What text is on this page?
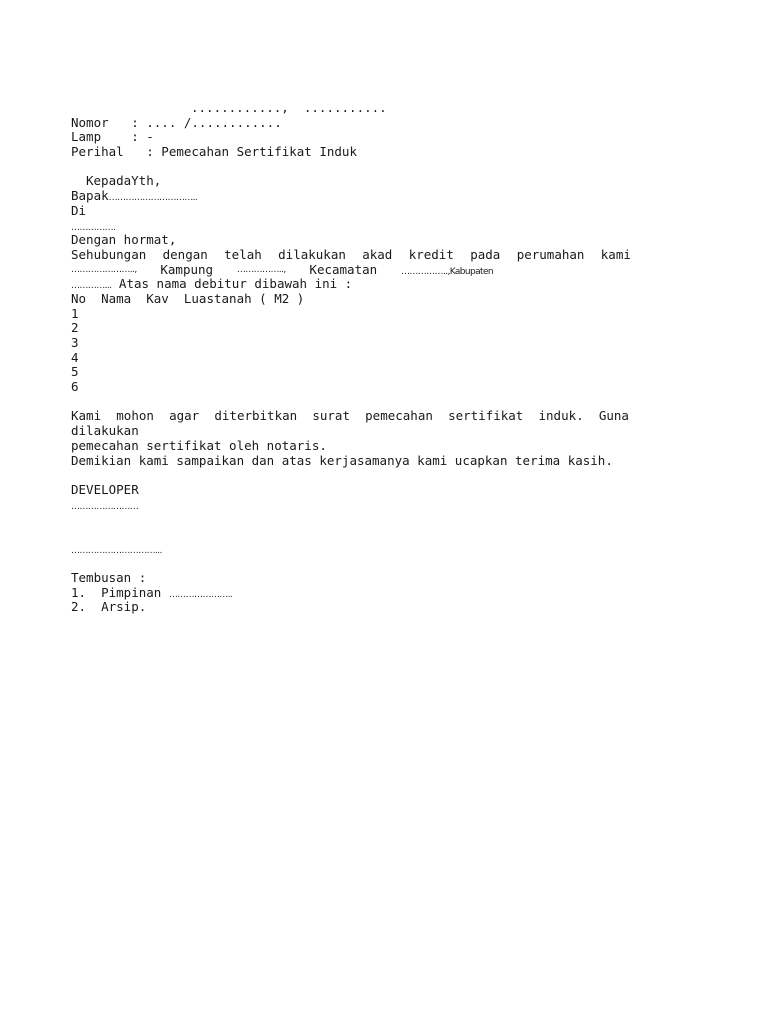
............,  ...........
Nomor   : .... /............
Lamp    : -
Perihal   : Pemecahan Sertifikat Induk
KepadaYth,
Bapak…………………………..
Di
…………….
Dengan hormat,
Sehubungan dengan telah dilakukan akad kredit pada perumahan kami
………………….., Kampung	…………….., Kecamatan	……………..,Kabupaten
…………... Atas nama debitur dibawah ini :
No  Nama  Kav  Luastanah ( M2 )
1
2
3
4
5
6
Kami mohon agar diterbitkan surat pemecahan sertifikat induk. Guna
dilakukan
pemecahan sertifikat oleh notaris.
Demikian kami sampaikan dan atas kerjasamanya kami ucapkan terima kasih.
DEVELOPER
……………………
…………………………...
Tembusan :
1.  Pimpinan …………………..
2.  Arsip.
